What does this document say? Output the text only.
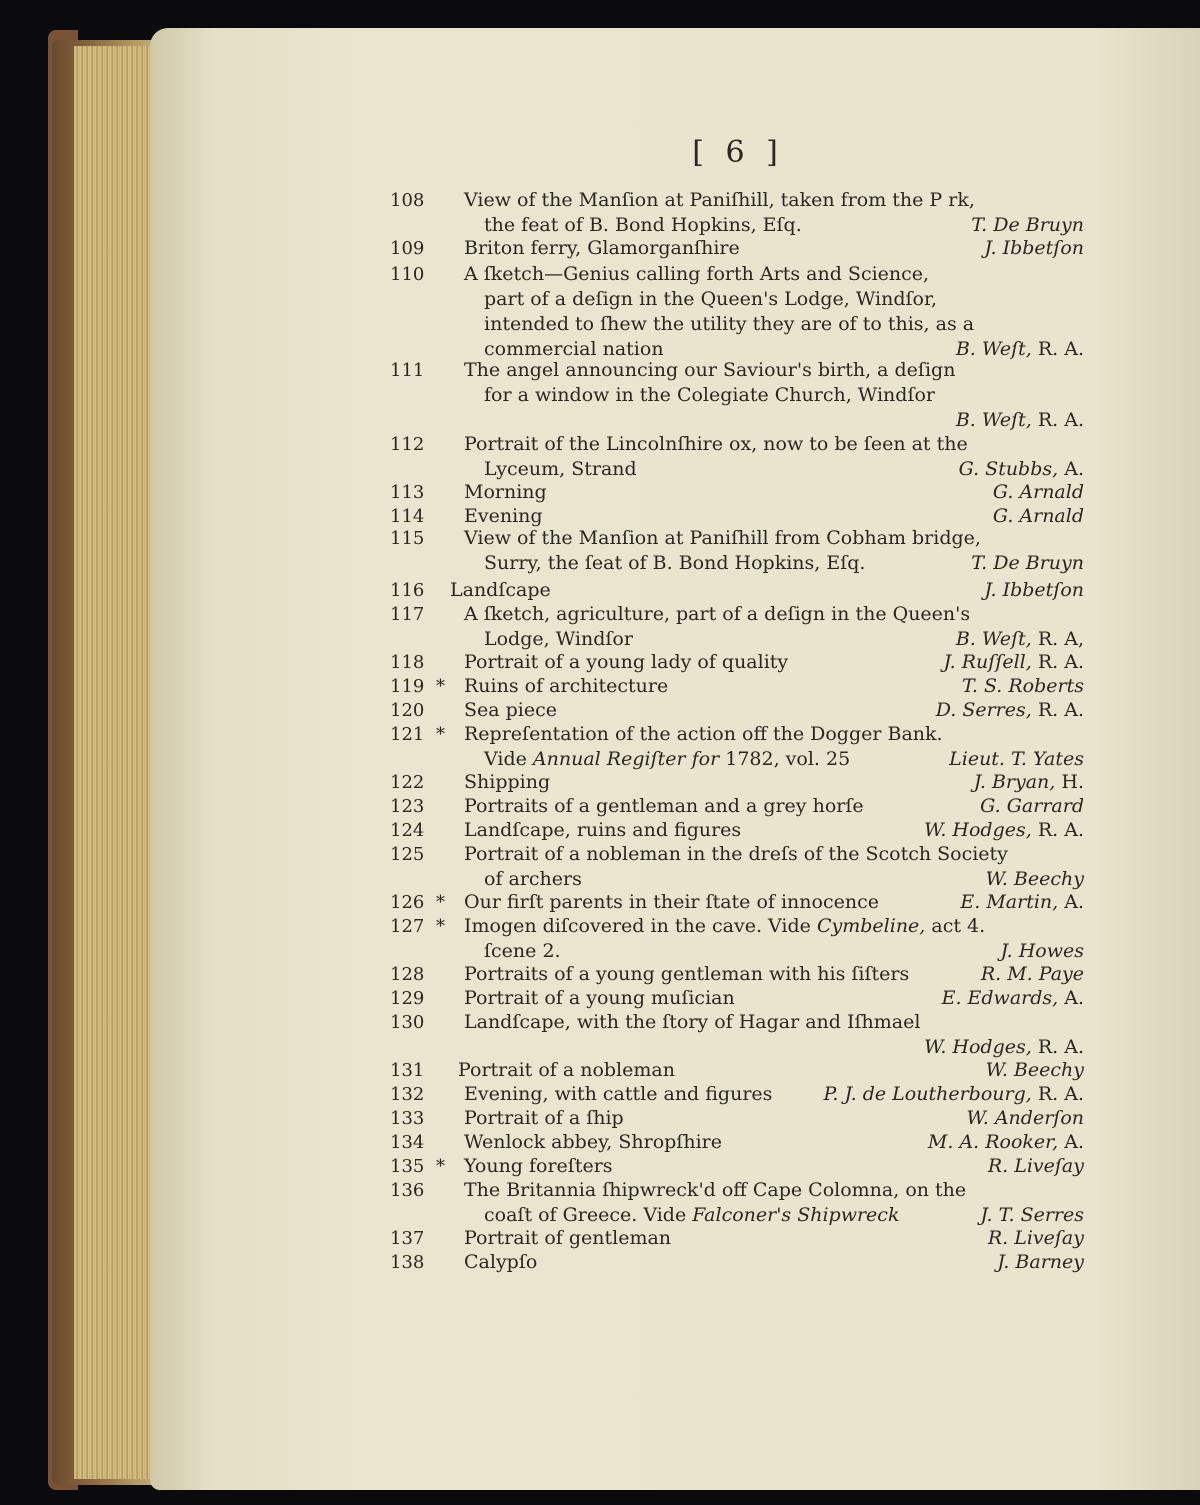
[ 6 ]
108	View of the Manſion at Paniſhill, taken from the P rk,
the feat of B. Bond Hopkins, Eſq.	T. De Bruyn
109	Briton ferry, Glamorganſhire	J. Ibbetſon
110	A ſketch—Genius calling forth Arts and Science,
part of a deſign in the Queen's Lodge, Windſor,
intended to ſhew the utility they are of to this, as a
commercial nation	B. Weſt, R. A.
111	The angel announcing our Saviour's birth, a deſign
for a window in the Colegiate Church, Windſor
B. Weſt, R. A.
112	Portrait of the Lincolnſhire ox, now to be ſeen at the
Lyceum, Strand	G. Stubbs, A.
113	Morning	G. Arnald
114	Evening	G. Arnald
115	View of the Manſion at Paniſhill from Cobham bridge,
Surry, the ſeat of B. Bond Hopkins, Eſq.	T. De Bruyn
116	Landſcape	J. Ibbetſon
117	A ſketch, agriculture, part of a deſign in the Queen's
Lodge, Windſor	B. Weſt, R. A,
118	Portrait of a young lady of quality	J. Ruſſell, R. A.
119 * Ruins of architecture	T. S. Roberts
120	Sea piece	D. Serres, R. A.
121 * Repreſentation of the action off the Dogger Bank.
Vide Annual Regiſter for 1782, vol. 25	Lieut. T. Yates
122	Shipping	J. Bryan, H.
123	Portraits of a gentleman and a grey horſe	G. Garrard
124	Landſcape, ruins and figures	W. Hodges, R. A.
125	Portrait of a nobleman in the dreſs of the Scotch Society
of archers	W. Beechy
126 * Our firſt parents in their ſtate of innocence	E. Martin, A.
127 * Imogen diſcovered in the cave. Vide Cymbeline, act 4.
ſcene 2.	J. Howes
128	Portraits of a young gentleman with his ſiſters	R. M. Paye
129	Portrait of a young muſician	E. Edwards, A.
130	Landſcape, with the ſtory of Hagar and Iſhmael
W. Hodges, R. A.
131	Portrait of a nobleman	W. Beechy
132	Evening, with cattle and figures	P. J. de Loutherbourg, R. A.
133	Portrait of a ſhip	W. Anderſon
134	Wenlock abbey, Shropſhire	M. A. Rooker, A.
135 * Young foreſters	R. Liveſay
136	The Britannia ſhipwreck'd off Cape Colomna, on the
coaſt of Greece. Vide Falconer's Shipwreck	J. T. Serres
137	Portrait of gentleman	R. Liveſay
138	Calypſo	J. Barney
